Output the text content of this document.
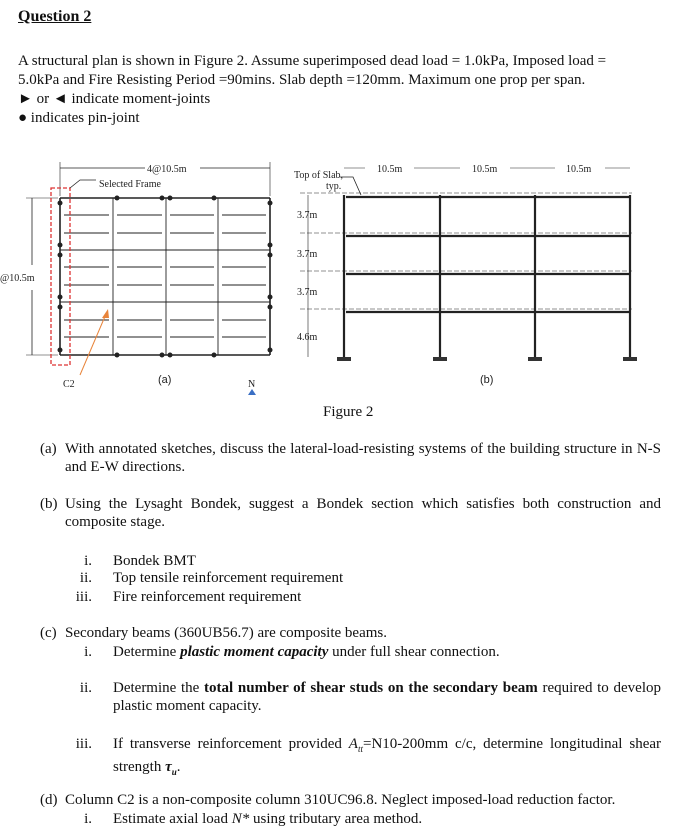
Question 2
A structural plan is shown in Figure 2. Assume superimposed dead load = 1.0kPa, Imposed load =
5.0kPa and Fire Resisting Period =90mins. Slab depth =120mm. Maximum one prop per span.
► or ◄ indicate moment-joints
● indicates pin-joint
4@10.5m
@10.5m
Selected Frame
C2	(a)	N
Top of Slab,
typ.
10.5m	10.5m	10.5m
3.7m
3.7m
3.7m
4.6m
(b)
Figure 2
(a) With annotated sketches, discuss the lateral-load-resisting systems of the building structure in N-S and E-W directions.
(b) Using the Lysaght Bondek, suggest a Bondek section which satisfies both construction and composite stage.
i. Bondek BMT
ii. Top tensile reinforcement requirement
iii. Fire reinforcement requirement
(c) Secondary beams (360UB56.7) are composite beams.
i. Determine plastic moment capacity under full shear connection.
ii. Determine the total number of shear studs on the secondary beam required to develop plastic moment capacity.
iii. If transverse reinforcement provided $A_{tt}=N10-200mm$ c/c, determine longitudinal shear strength $\tau_u$.
(d) Column C2 is a non-composite column 310UC96.8. Neglect imposed-load reduction factor.
i. Estimate axial load N* using tributary area method.
